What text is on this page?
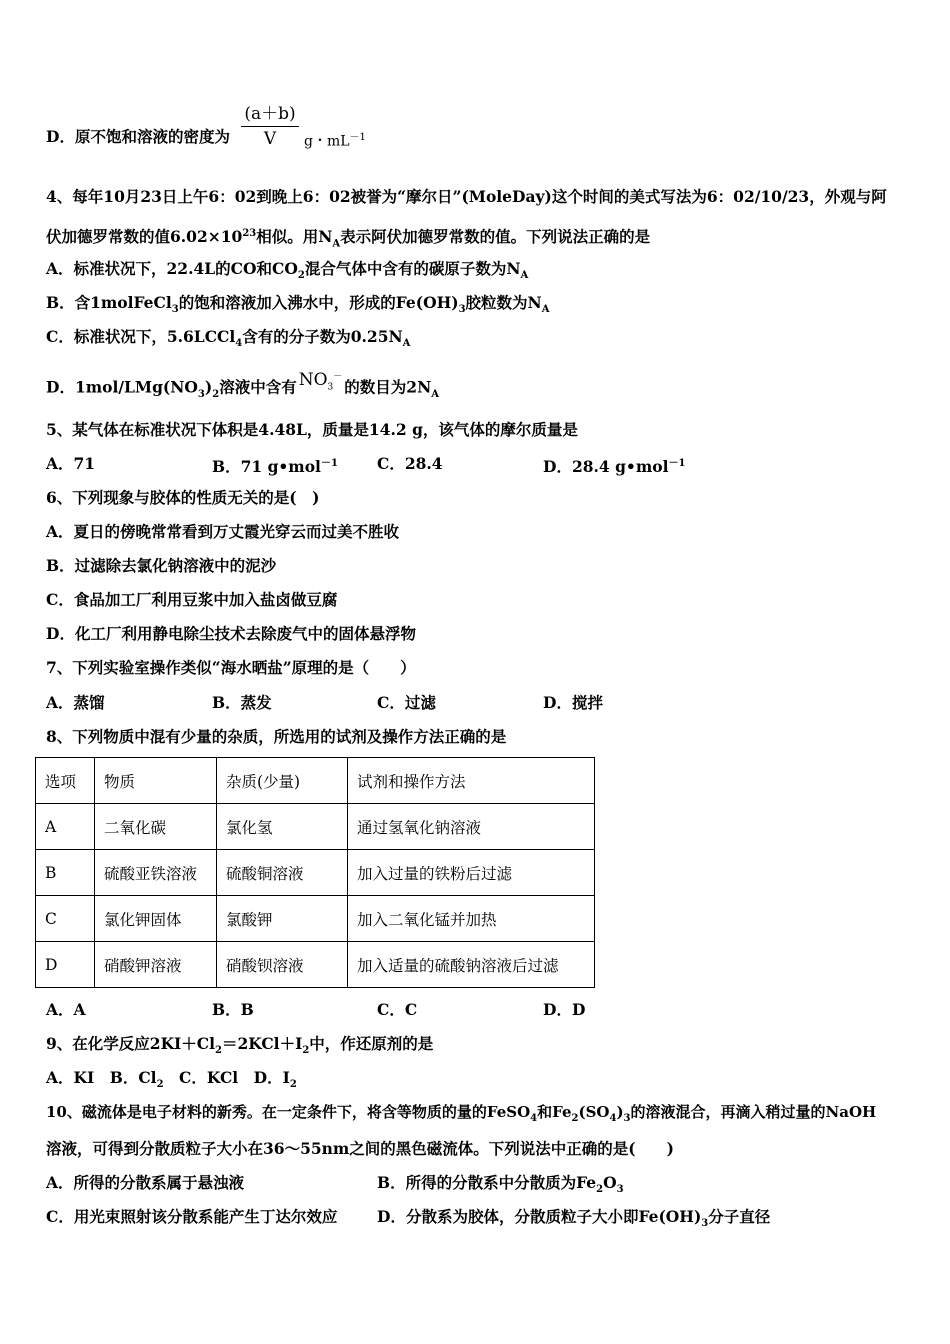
D．原不饱和溶液的密度为
(a＋b)
V	g・$mL^{-1}$
4、每年10月23日上午6：02到晚上6：02被誉为“摩尔日”(MoleDay)这个时间的美式写法为6：02/10/23，外观与阿
伏加德罗常数的值$6.02\times 10^{23}$相似。用$N_A$表示阿伏加德罗常数的值。下列说法正确的是
A．标准状况下，22.4L的CO和$CO_2$混合气体中含有的碳原子数为$N_A$
B．含1molFeCl$_3$的饱和溶液加入沸水中，形成的$Fe(OH)_3$胶粒数为$N_A$
C．标准状况下，5.6LCCl$_4$含有的分子数为$0.25N_A$
D．$1mol/LMg(NO_3)_2$溶液中含有 $NO_3^-$的数目为$2N_A$
5、某气体在标准状况下体积是4.48L，质量是14.2 g，该气体的摩尔质量是
A．71	B．71 g•mol$^{-1}$	C．28.4	D．28.4 g•mol$^{-1}$
6、下列现象与胶体的性质无关的是(　)
A．夏日的傍晚常常看到万丈霞光穿云而过美不胜收
B．过滤除去氯化钠溶液中的泥沙
C．食品加工厂利用豆浆中加入盐卤做豆腐
D．化工厂利用静电除尘技术去除废气中的固体悬浮物
7、下列实验室操作类似“海水晒盐”原理的是（　　）
A．蒸馏	B．蒸发	C．过滤	D．搅拌
8、下列物质中混有少量的杂质，所选用的试剂及操作方法正确的是
选项	物质	杂质(少量)	试剂和操作方法
A	二氧化碳	氯化氢	通过氢氧化钠溶液
B	硫酸亚铁溶液	硫酸铜溶液	加入过量的铁粉后过滤
C	氯化钾固体	氯酸钾	加入二氧化锰并加热
D	硝酸钾溶液	硝酸钡溶液	加入适量的硫酸钠溶液后过滤
A．A	B．B	C．C	D．D
9、在化学反应$2KI+Cl_2=2KCl+I_2$中，作还原剂的是
A．KI　B．$Cl_2$　C．KCl　D．$I_2$
10、磁流体是电子材料的新秀。在一定条件下，将含等物质的量的FeSO$_4$和$Fe_2(SO_4)_3$的溶液混合，再滴入稍过量的NaOH
溶液，可得到分散质粒子大小在36～55nm之间的黑色磁流体。下列说法中正确的是(　　)
A．所得的分散系属于悬浊液	B．所得的分散系中分散质为$Fe_2O_3$
C．用光束照射该分散系能产生丁达尔效应	D．分散系为胶体，分散质粒子大小即$Fe(OH)_3$分子直径
